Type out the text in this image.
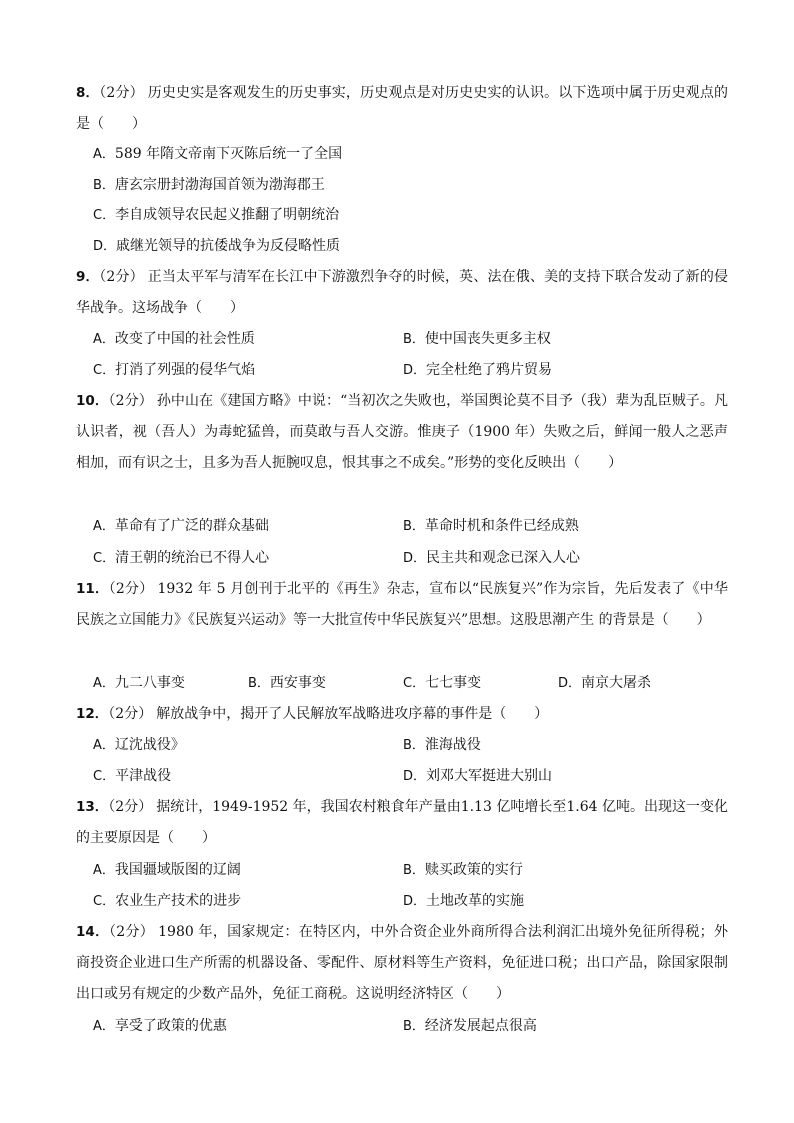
8．（2分） 历史史实是客观发生的历史事实，历史观点是对历史史实的认识。以下选项中属于历史观点的是（　　）
A．589 年隋文帝南下灭陈后统一了全国
B．唐玄宗册封渤海国首领为渤海郡王
C．李自成领导农民起义推翻了明朝统治
D．戚继光领导的抗倭战争为反侵略性质
9．（2分） 正当太平军与清军在长江中下游激烈争夺的时候，英、法在俄、美的支持下联合发动了新的侵华战争。这场战争（　　）
A．改变了中国的社会性质	B．使中国丧失更多主权
C．打消了列强的侵华气焰	D．完全杜绝了鸦片贸易
10．（2分） 孙中山在《建国方略》中说：“当初次之失败也，举国舆论莫不目予（我）辈为乱臣贼子。凡认识者，视（吾人）为毒蛇猛兽，而莫敢与吾人交游。惟庚子（1900 年）失败之后，鲜闻一般人之恶声相加，而有识之士，且多为吾人扼腕叹息，恨其事之不成矣。”形势的变化反映出（　　）
A．革命有了广泛的群众基础	B．革命时机和条件已经成熟
C．清王朝的统治已不得人心	D．民主共和观念已深入人心
11．（2分） 1932 年 5 月创刊于北平的《再生》杂志，宣布以“民族复兴”作为宗旨，先后发表了《中华民族之立国能力》《民族复兴运动》等一大批宣传中华民族复兴”思想。这股思潮产生 的背景是（　　）
A．九二八事变	B．西安事变	C．七七事变	D．南京大屠杀
12．（2分） 解放战争中，揭开了人民解放军战略进攻序幕的事件是（　　）
A．辽沈战役》	B．淮海战役
C．平津战役	D．刘邓大军挺进大别山
13．（2分） 据统计，1949-1952 年，我国农村粮食年产量由1.13 亿吨增长至1.64 亿吨。出现这一变化的主要原因是（　　）
A．我国疆域版图的辽阔	B．赎买政策的实行
C．农业生产技术的进步	D．土地改革的实施
14．（2分） 1980 年，国家规定：在特区内，中外合资企业外商所得合法利润汇出境外免征所得税；外商投资企业进口生产所需的机器设备、零配件、原材料等生产资料，免征进口税；出口产品，除国家限制出口或另有规定的少数产品外，免征工商税。这说明经济特区（　　）
A．享受了政策的优惠	B．经济发展起点很高
